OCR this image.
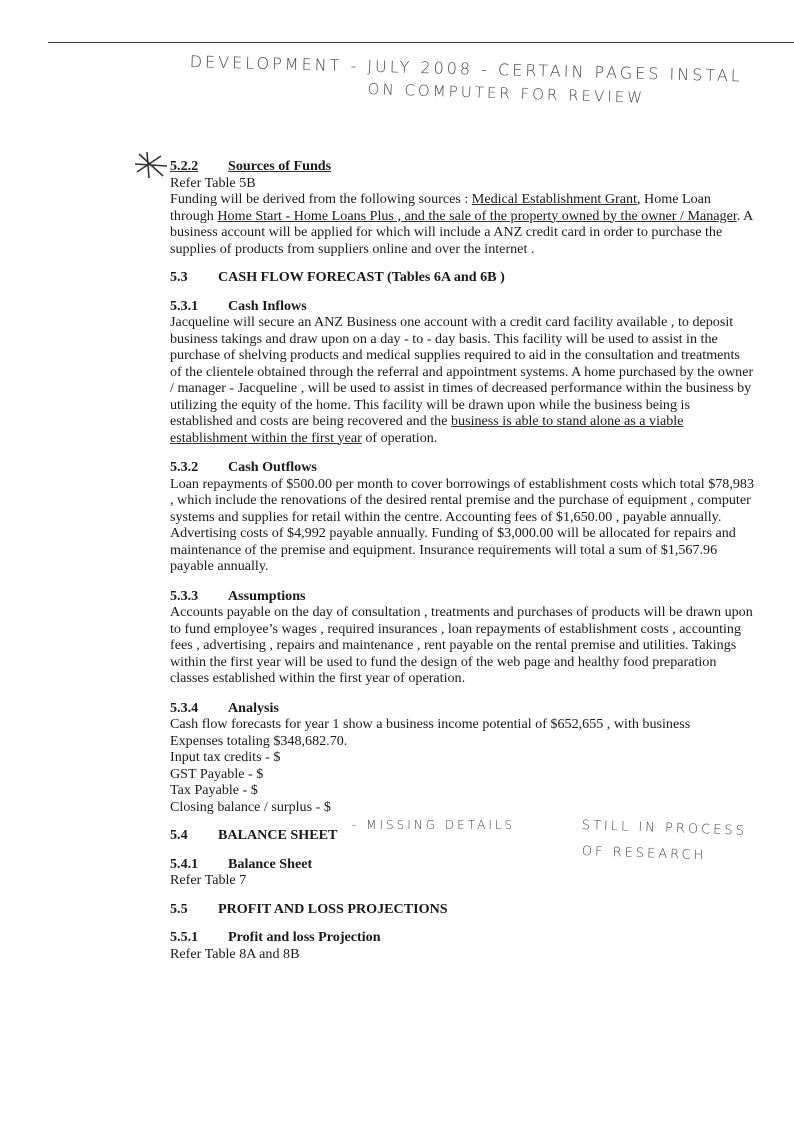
DEVELOPMENT - JULY 2008 - CERTAIN PAGES INSTAL
ON COMPUTER FOR REVIEW

5.2.2 Sources of Funds

Refer Table 5B

Funding will be derived from the following sources : Medical Establishment Grant, Home Loan through Home Start - Home Loans Plus , and the sale of the property owned by the owner / Manager. A business account will be applied for which will include a ANZ credit card in order to purchase the supplies of products from suppliers online and over the internet .

5.3 CASH FLOW FORECAST (Tables 6A and 6B )

5.3.1 Cash Inflows

Jacqueline will secure an ANZ Business one account with a credit card facility available , to deposit business takings and draw upon on a day - to - day basis. This facility will be used to assist in the purchase of shelving products and medical supplies required to aid in the consultation and treatments of the clientele obtained through the referral and appointment systems. A home purchased by the owner / manager - Jacqueline , will be used to assist in times of decreased performance within the business by utilizing the equity of the home. This facility will be drawn upon while the business being is established and costs are being recovered and the business is able to stand alone as a viable establishment within the first year of operation.

5.3.2 Cash Outflows

Loan repayments of $500.00 per month to cover borrowings of establishment costs which total $78,983 , which include the renovations of the desired rental premise and the purchase of equipment , computer systems and supplies for retail within the centre. Accounting fees of $1,650.00 , payable annually. Advertising costs of $4,992 payable annually. Funding of $3,000.00 will be allocated for repairs and maintenance of the premise and equipment. Insurance requirements will total a sum of $1,567.96 payable annually.

5.3.3 Assumptions

Accounts payable on the day of consultation , treatments and purchases of products will be drawn upon to fund employee’s wages , required insurances , loan repayments of establishment costs , accounting fees , advertising , repairs and maintenance , rent payable on the rental premise and utilities. Takings within the first year will be used to fund the design of the web page and healthy food preparation classes established within the first year of operation.

5.3.4 Analysis

Cash flow forecasts for year 1 show a business income potential of $652,655 , with business

Expenses totaling $348,682.70.

Input tax credits - $

GST Payable - $

Tax Payable - $

Closing balance / surplus - $

5.4 BALANCE SHEET

5.4.1 Balance Sheet

Refer Table 7

5.5 PROFIT AND LOSS PROJECTIONS

5.5.1 Profit and loss Projection

Refer Table 8A and 8B

- MISSING DETAILS	STILL IN PROCESS
OF RESEARCH
